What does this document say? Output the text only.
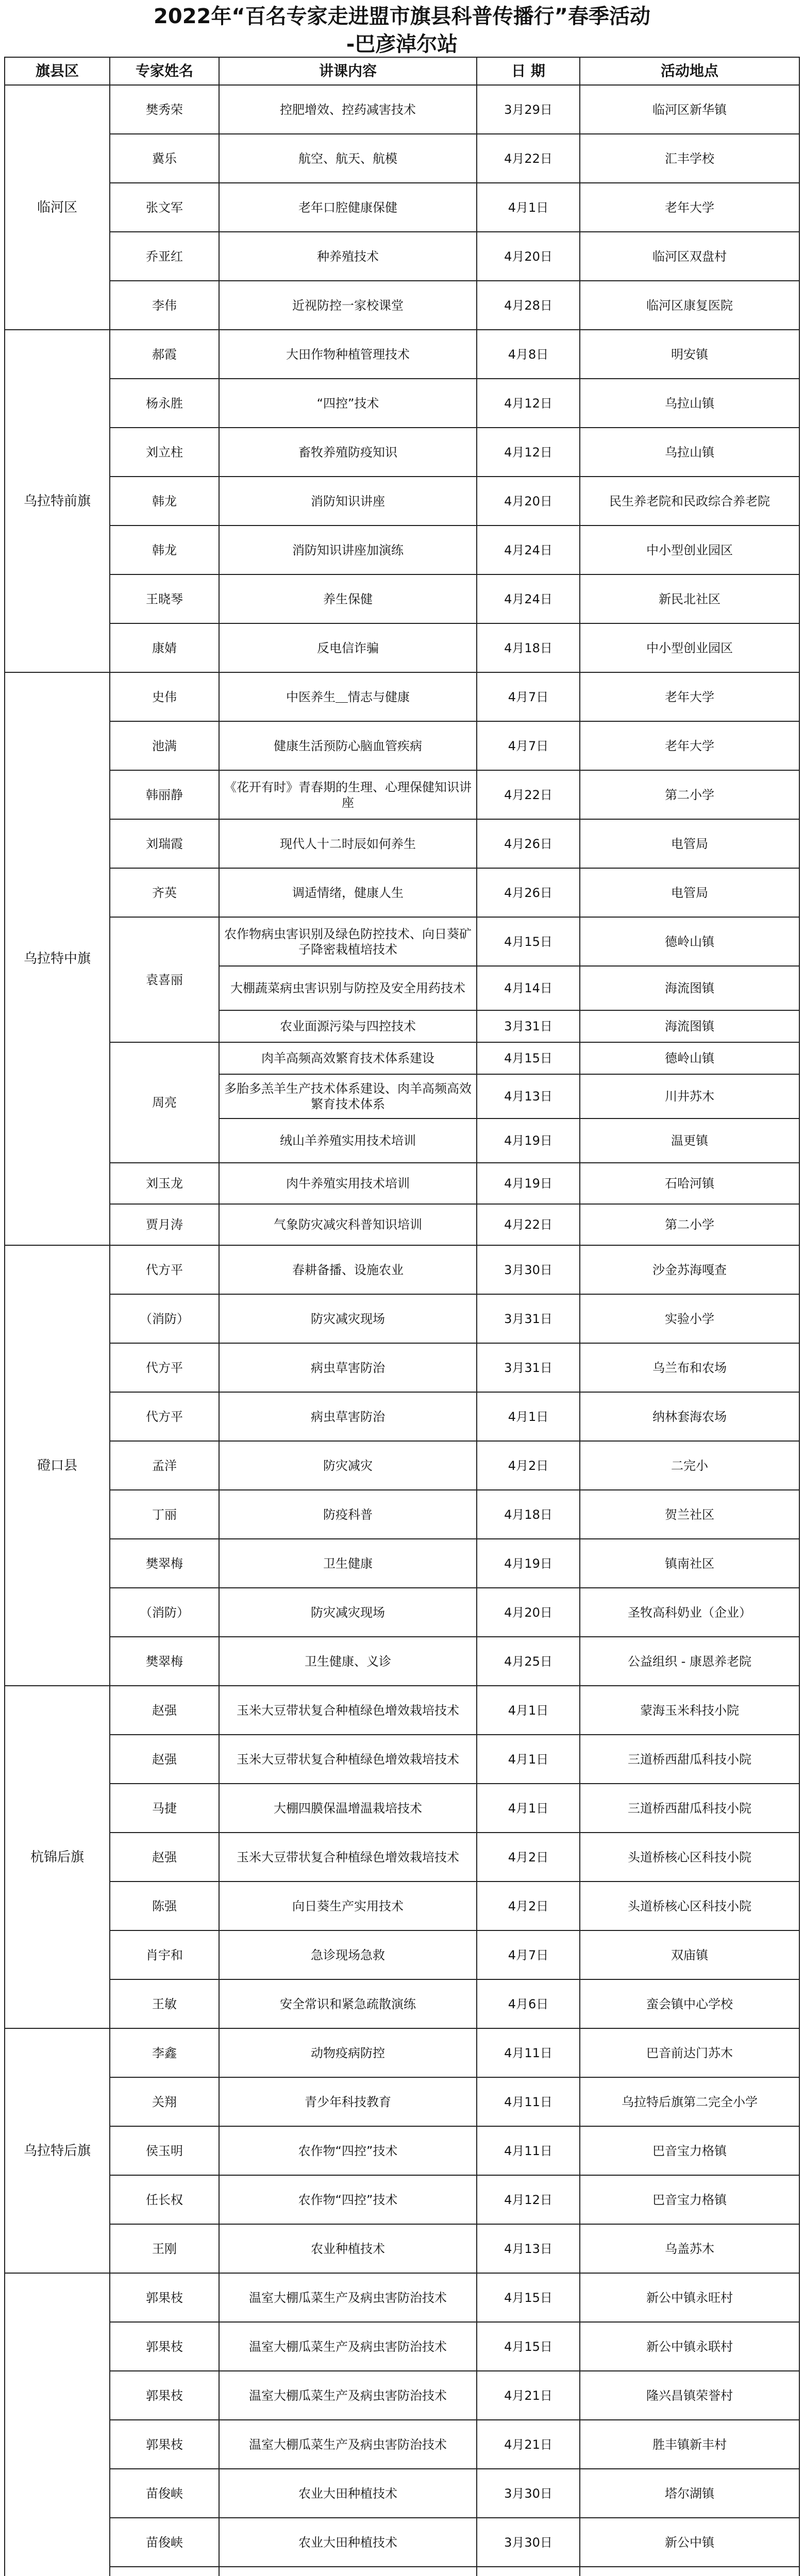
2022年“百名专家走进盟市旗县科普传播行”春季活动
-巴彦淖尔站
旗县区	专家姓名	讲课内容	日 期	活动地点
临河区	樊秀荣	控肥增效、控药减害技术	3月29日	临河区新华镇
	冀乐	航空、航天、航模	4月22日	汇丰学校
	张文军	老年口腔健康保健	4月1日	老年大学
	乔亚红	种养殖技术	4月20日	临河区双盘村
	李伟	近视防控一家校课堂	4月28日	临河区康复医院
乌拉特前旗	郝霞	大田作物种植管理技术	4月8日	明安镇
	杨永胜	“四控”技术	4月12日	乌拉山镇
	刘立柱	畜牧养殖防疫知识	4月12日	乌拉山镇
	韩龙	消防知识讲座	4月20日	民生养老院和民政综合养老院
	韩龙	消防知识讲座加演练	4月24日	中小型创业园区
	王晓琴	养生保健	4月24日	新民北社区
	康婧	反电信诈骗	4月18日	中小型创业园区
乌拉特中旗	史伟	中医养生＿情志与健康	4月7日	老年大学
	池满	健康生活预防心脑血管疾病	4月7日	老年大学
	韩丽静	《花开有时》青春期的生理、心理保健知识讲座	4月22日	第二小学
	刘瑞霞	现代人十二时辰如何养生	4月26日	电管局
	齐英	调适情绪，健康人生	4月26日	电管局
	袁喜丽	农作物病虫害识别及绿色防控技术、向日葵矿子降密栽植培技术	4月15日	德岭山镇
		大棚蔬菜病虫害识别与防控及安全用药技术	4月14日	海流图镇
		农业面源污染与四控技术	3月31日	海流图镇
	周亮	肉羊高频高效繁育技术体系建设	4月15日	德岭山镇
		多胎多羔羊生产技术体系建设、肉羊高频高效繁育技术体系	4月13日	川井苏木
		绒山羊养殖实用技术培训	4月19日	温更镇
	刘玉龙	肉牛养殖实用技术培训	4月19日	石哈河镇
	贾月涛	气象防灾减灾科普知识培训	4月22日	第二小学
磴口县	代方平	春耕备播、设施农业	3月30日	沙金苏海嘎查
	（消防）	防灾减灾现场	3月31日	实验小学
	代方平	病虫草害防治	3月31日	乌兰布和农场
	代方平	病虫草害防治	4月1日	纳林套海农场
	孟洋	防灾减灾	4月2日	二完小
	丁丽	防疫科普	4月18日	贺兰社区
	樊翠梅	卫生健康	4月19日	镇南社区
	（消防）	防灾减灾现场	4月20日	圣牧高科奶业（企业）
	樊翠梅	卫生健康、义诊	4月25日	公益组织 - 康恩养老院
杭锦后旗	赵强	玉米大豆带状复合种植绿色增效栽培技术	4月1日	蒙海玉米科技小院
	赵强	玉米大豆带状复合种植绿色增效栽培技术	4月1日	三道桥西甜瓜科技小院
	马捷	大棚四膜保温增温栽培技术	4月1日	三道桥西甜瓜科技小院
	赵强	玉米大豆带状复合种植绿色增效栽培技术	4月2日	头道桥核心区科技小院
	陈强	向日葵生产实用技术	4月2日	头道桥核心区科技小院
	肖宇和	急诊现场急救	4月7日	双庙镇
	王敏	安全常识和紧急疏散演练	4月6日	蛮会镇中心学校
乌拉特后旗	李鑫	动物疫病防控	4月11日	巴音前达门苏木
	关翔	青少年科技教育	4月11日	乌拉特后旗第二完全小学
	侯玉明	农作物“四控”技术	4月11日	巴音宝力格镇
	任长权	农作物“四控”技术	4月12日	巴音宝力格镇
	王刚	农业种植技术	4月13日	乌盖苏木
	郭果枝	温室大棚瓜菜生产及病虫害防治技术	4月15日	新公中镇永旺村
	郭果枝	温室大棚瓜菜生产及病虫害防治技术	4月15日	新公中镇永联村
	郭果枝	温室大棚瓜菜生产及病虫害防治技术	4月21日	隆兴昌镇荣誉村
	郭果枝	温室大棚瓜菜生产及病虫害防治技术	4月21日	胜丰镇新丰村
	苗俊峡	农业大田种植技术	3月30日	塔尔湖镇
	苗俊峡	农业大田种植技术	3月30日	新公中镇
